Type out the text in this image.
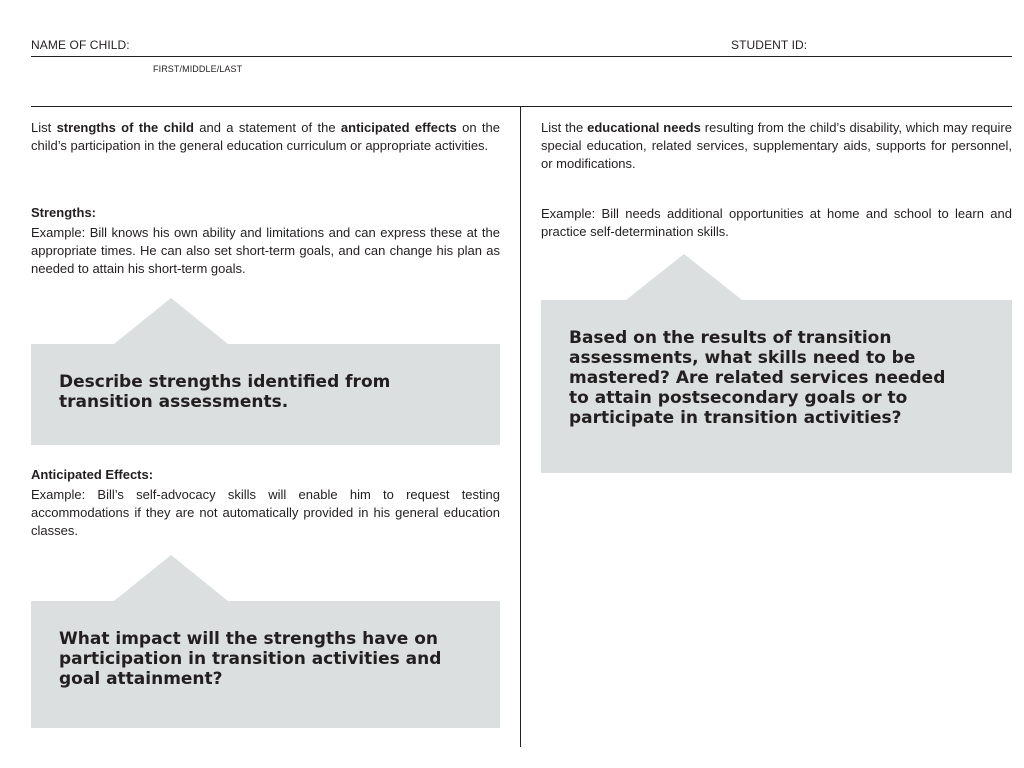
NAME OF CHILD:	STUDENT ID:
FIRST/MIDDLE/LAST
List strengths of the child and a statement of the anticipated effects on the child’s participation in the general education curriculum or appropriate activities.
Strengths:
Example: Bill knows his own ability and limitations and can express these at the appropriate times. He can also set short-term goals, and can change his plan as needed to attain his short-term goals.
Describe strengths identified from transition assessments.
Anticipated Effects:
Example: Bill’s self-advocacy skills will enable him to request testing accommodations if they are not automatically provided in his general education classes.
What impact will the strengths have on participation in transition activities and goal attainment?
List the educational needs resulting from the child’s disability, which may require special education, related services, supplementary aids, supports for personnel, or modifications.
Example: Bill needs additional opportunities at home and school to learn and practice self-determination skills.
Based on the results of transition assessments, what skills need to be mastered? Are related services needed to attain postsecondary goals or to participate in transition activities?
